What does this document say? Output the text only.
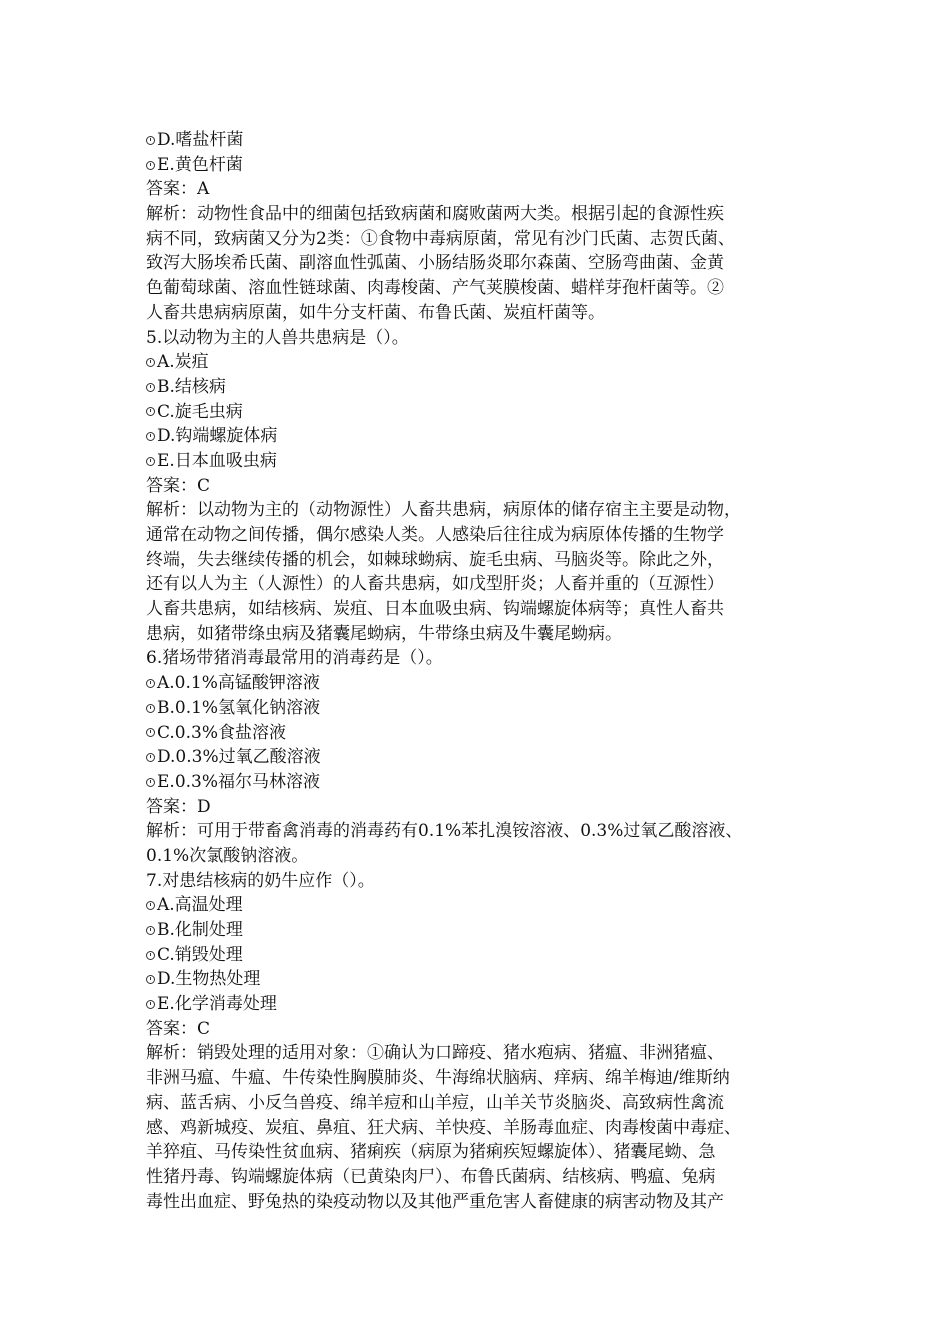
D.嗜盐杆菌
E.黄色杆菌
答案：A
解析：动物性食品中的细菌包括致病菌和腐败菌两大类。根据引起的食源性疾
病不同，致病菌又分为2类：①食物中毒病原菌，常见有沙门氏菌、志贺氏菌、
致泻大肠埃希氏菌、副溶血性弧菌、小肠结肠炎耶尔森菌、空肠弯曲菌、金黄
色葡萄球菌、溶血性链球菌、肉毒梭菌、产气荚膜梭菌、蜡样芽孢杆菌等。②
人畜共患病病原菌，如牛分支杆菌、布鲁氏菌、炭疽杆菌等。
5.以动物为主的人兽共患病是（）。
A.炭疽
B.结核病
C.旋毛虫病
D.钩端螺旋体病
E.日本血吸虫病
答案：C
解析：以动物为主的（动物源性）人畜共患病，病原体的储存宿主主要是动物，
通常在动物之间传播，偶尔感染人类。人感染后往往成为病原体传播的生物学
终端，失去继续传播的机会，如棘球蚴病、旋毛虫病、马脑炎等。除此之外，
还有以人为主（人源性）的人畜共患病，如戊型肝炎；人畜并重的（互源性）
人畜共患病，如结核病、炭疽、日本血吸虫病、钩端螺旋体病等；真性人畜共
患病，如猪带绦虫病及猪囊尾蚴病，牛带绦虫病及牛囊尾蚴病。
6.猪场带猪消毒最常用的消毒药是（）。
A.0.1%高锰酸钾溶液
B.0.1%氢氧化钠溶液
C.0.3%食盐溶液
D.0.3%过氧乙酸溶液
E.0.3%福尔马林溶液
答案：D
解析：可用于带畜禽消毒的消毒药有0.1%苯扎溴铵溶液、0.3%过氧乙酸溶液、
0.1%次氯酸钠溶液。
7.对患结核病的奶牛应作（）。
A.高温处理
B.化制处理
C.销毁处理
D.生物热处理
E.化学消毒处理
答案：C
解析：销毁处理的适用对象：①确认为口蹄疫、猪水疱病、猪瘟、非洲猪瘟、
非洲马瘟、牛瘟、牛传染性胸膜肺炎、牛海绵状脑病、痒病、绵羊梅迪/维斯纳
病、蓝舌病、小反刍兽疫、绵羊痘和山羊痘，山羊关节炎脑炎、高致病性禽流
感、鸡新城疫、炭疽、鼻疽、狂犬病、羊快疫、羊肠毒血症、肉毒梭菌中毒症、
羊猝疽、马传染性贫血病、猪痢疾（病原为猪痢疾短螺旋体）、猪囊尾蚴、急
性猪丹毒、钩端螺旋体病（已黄染肉尸）、布鲁氏菌病、结核病、鸭瘟、兔病
毒性出血症、野兔热的染疫动物以及其他严重危害人畜健康的病害动物及其产
